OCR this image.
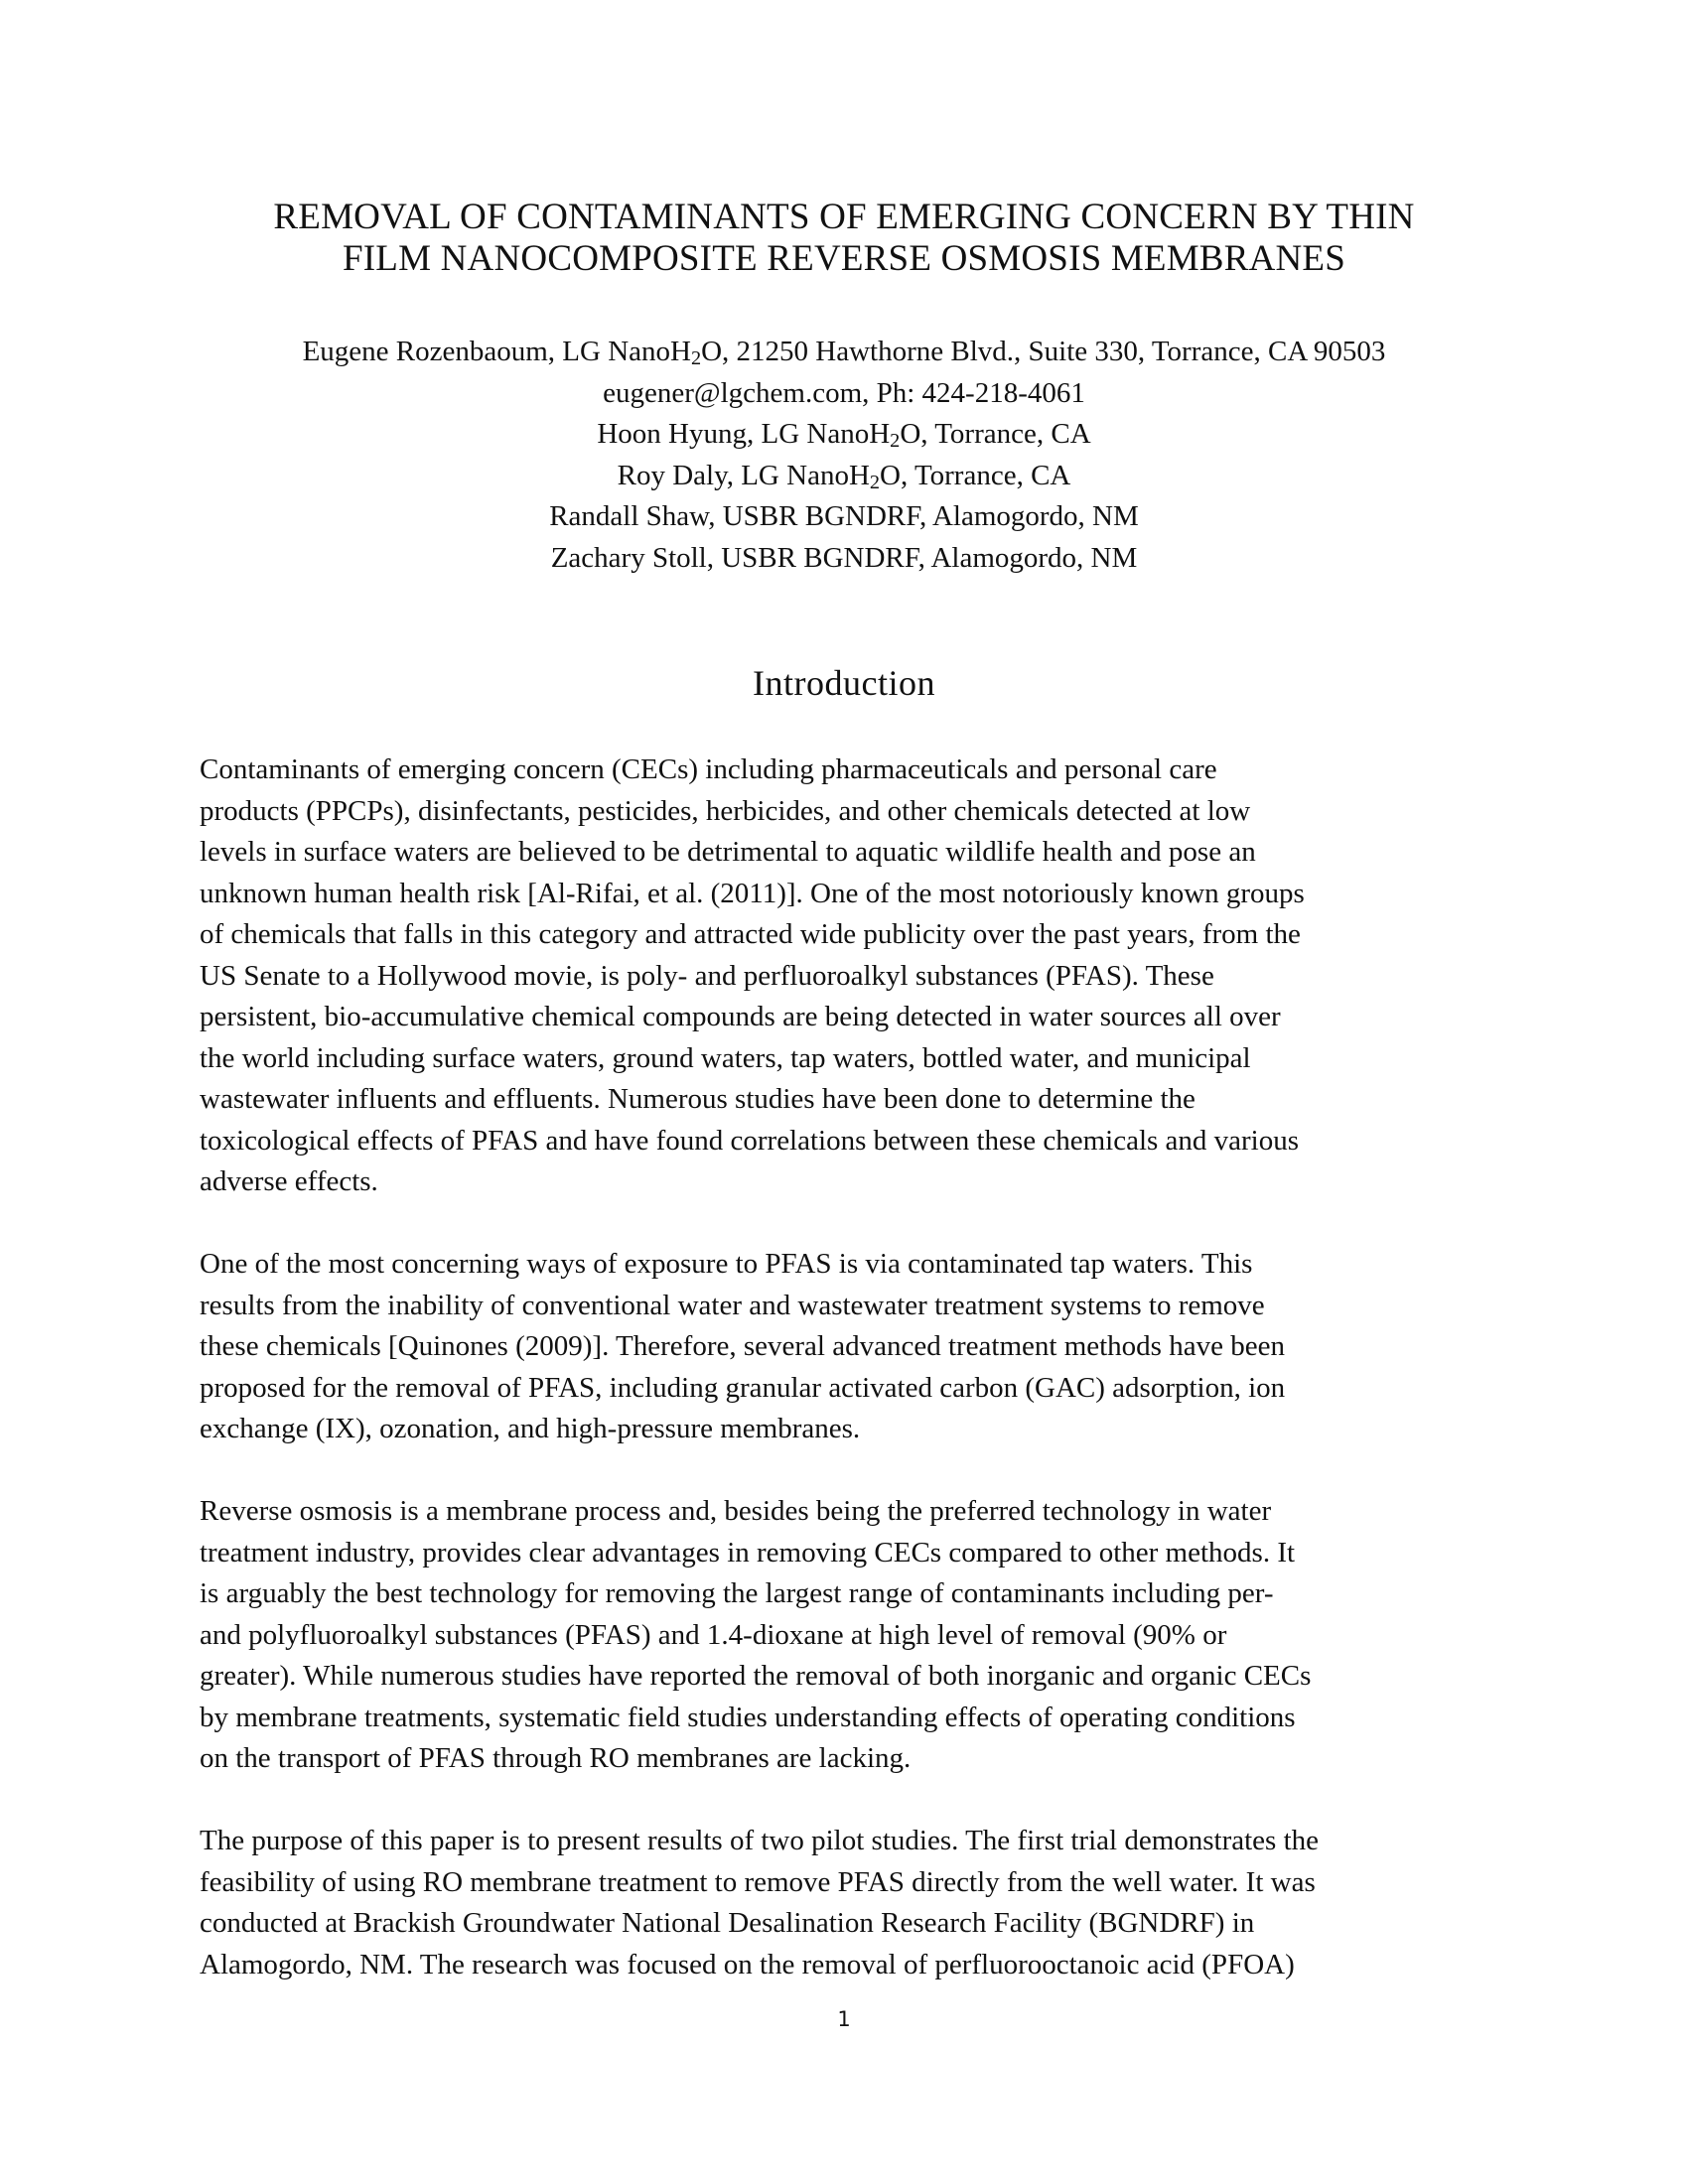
REMOVAL OF CONTAMINANTS OF EMERGING CONCERN BY THIN
FILM NANOCOMPOSITE REVERSE OSMOSIS MEMBRANES
Eugene Rozenbaoum, LG NanoH$_2$O, 21250 Hawthorne Blvd., Suite 330, Torrance, CA 90503
eugener@lgchem.com, Ph: 424-218-4061
Hoon Hyung, LG NanoH$_2$O, Torrance, CA
Roy Daly, LG NanoH$_2$O, Torrance, CA
Randall Shaw, USBR BGNDRF, Alamogordo, NM
Zachary Stoll, USBR BGNDRF, Alamogordo, NM
Introduction

Contaminants of emerging concern (CECs) including pharmaceuticals and personal care
products (PPCPs), disinfectants, pesticides, herbicides, and other chemicals detected at low
levels in surface waters are believed to be detrimental to aquatic wildlife health and pose an
unknown human health risk [Al-Rifai, et al. (2011)]. One of the most notoriously known groups
of chemicals that falls in this category and attracted wide publicity over the past years, from the
US Senate to a Hollywood movie, is poly- and perfluoroalkyl substances (PFAS). These
persistent, bio-accumulative chemical compounds are being detected in water sources all over
the world including surface waters, ground waters, tap waters, bottled water, and municipal
wastewater influents and effluents. Numerous studies have been done to determine the
toxicological effects of PFAS and have found correlations between these chemicals and various
adverse effects.

One of the most concerning ways of exposure to PFAS is via contaminated tap waters. This
results from the inability of conventional water and wastewater treatment systems to remove
these chemicals [Quinones (2009)]. Therefore, several advanced treatment methods have been
proposed for the removal of PFAS, including granular activated carbon (GAC) adsorption, ion
exchange (IX), ozonation, and high-pressure membranes.

Reverse osmosis is a membrane process and, besides being the preferred technology in water
treatment industry, provides clear advantages in removing CECs compared to other methods. It
is arguably the best technology for removing the largest range of contaminants including per-
and polyfluoroalkyl substances (PFAS) and 1.4-dioxane at high level of removal (90% or
greater). While numerous studies have reported the removal of both inorganic and organic CECs
by membrane treatments, systematic field studies understanding effects of operating conditions
on the transport of PFAS through RO membranes are lacking.

The purpose of this paper is to present results of two pilot studies. The first trial demonstrates the
feasibility of using RO membrane treatment to remove PFAS directly from the well water. It was
conducted at Brackish Groundwater National Desalination Research Facility (BGNDRF) in
Alamogordo, NM. The research was focused on the removal of perfluorooctanoic acid (PFOA)

1
